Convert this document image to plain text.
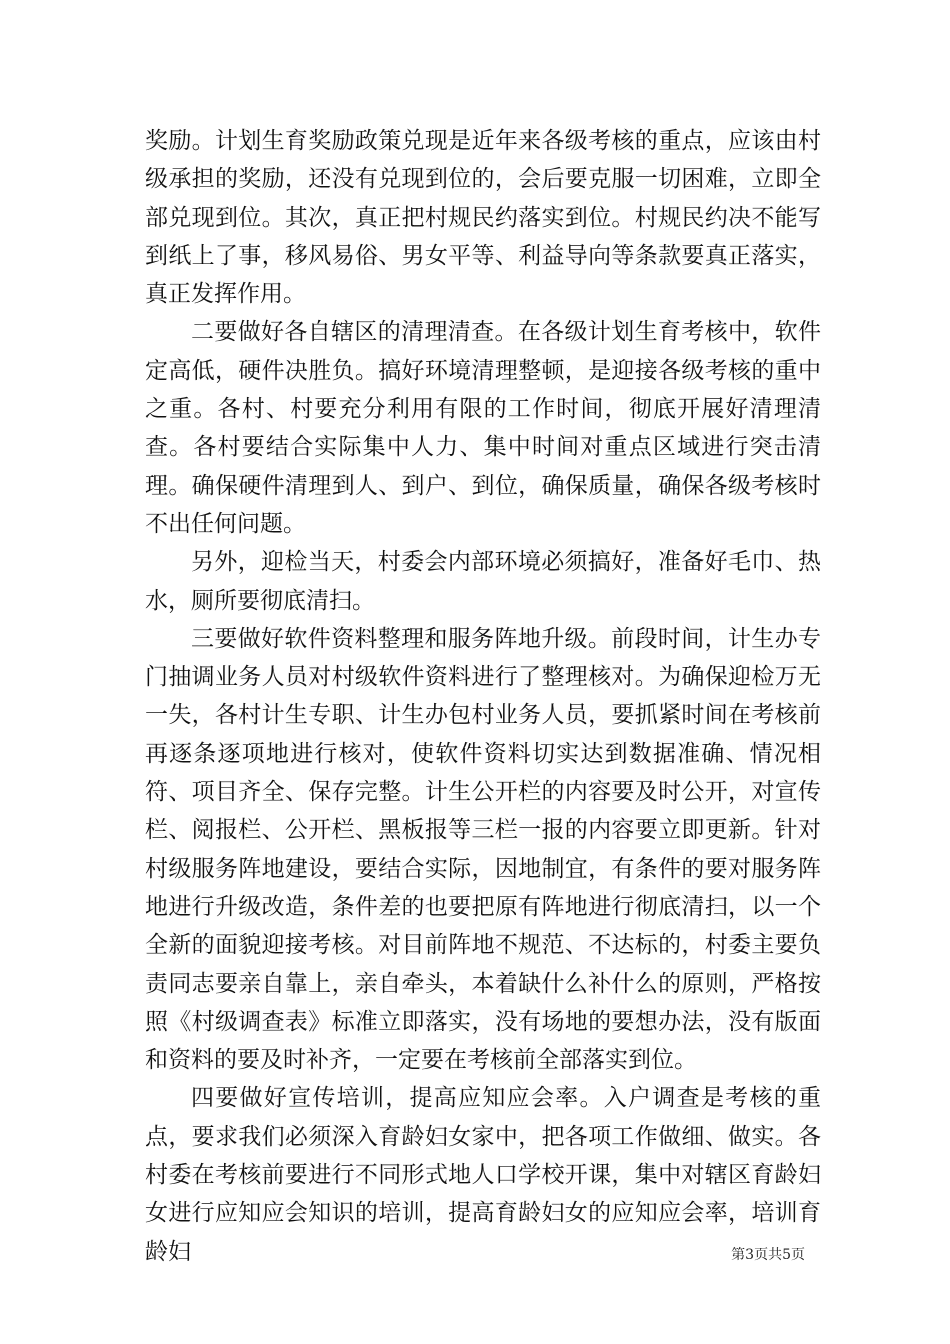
奖励。计划生育奖励政策兑现是近年来各级考核的重点，应该由村级承担的奖励，还没有兑现到位的，会后要克服一切困难，立即全部兑现到位。其次，真正把村规民约落实到位。村规民约决不能写到纸上了事，移风易俗、男女平等、利益导向等条款要真正落实，真正发挥作用。

二要做好各自辖区的清理清查。在各级计划生育考核中，软件定高低，硬件决胜负。搞好环境清理整顿，是迎接各级考核的重中之重。各村、村要充分利用有限的工作时间，彻底开展好清理清查。各村要结合实际集中人力、集中时间对重点区域进行突击清理。确保硬件清理到人、到户、到位，确保质量，确保各级考核时不出任何问题。

另外，迎检当天，村委会内部环境必须搞好，准备好毛巾、热水，厕所要彻底清扫。

三要做好软件资料整理和服务阵地升级。前段时间，计生办专门抽调业务人员对村级软件资料进行了整理核对。为确保迎检万无一失，各村计生专职、计生办包村业务人员，要抓紧时间在考核前再逐条逐项地进行核对，使软件资料切实达到数据准确、情况相符、项目齐全、保存完整。计生公开栏的内容要及时公开，对宣传栏、阅报栏、公开栏、黑板报等三栏一报的内容要立即更新。针对村级服务阵地建设，要结合实际，因地制宜，有条件的要对服务阵地进行升级改造，条件差的也要把原有阵地进行彻底清扫，以一个全新的面貌迎接考核。对目前阵地不规范、不达标的，村委主要负责同志要亲自靠上，亲自牵头，本着缺什么补什么的原则，严格按照《村级调查表》标准立即落实，没有场地的要想办法，没有版面和资料的要及时补齐，一定要在考核前全部落实到位。

四要做好宣传培训，提高应知应会率。入户调查是考核的重点，要求我们必须深入育龄妇女家中，把各项工作做细、做实。各村委在考核前要进行不同形式地人口学校开课，集中对辖区育龄妇女进行应知应会知识的培训，提高育龄妇女的应知应会率，培训育龄妇	第3页共5页
